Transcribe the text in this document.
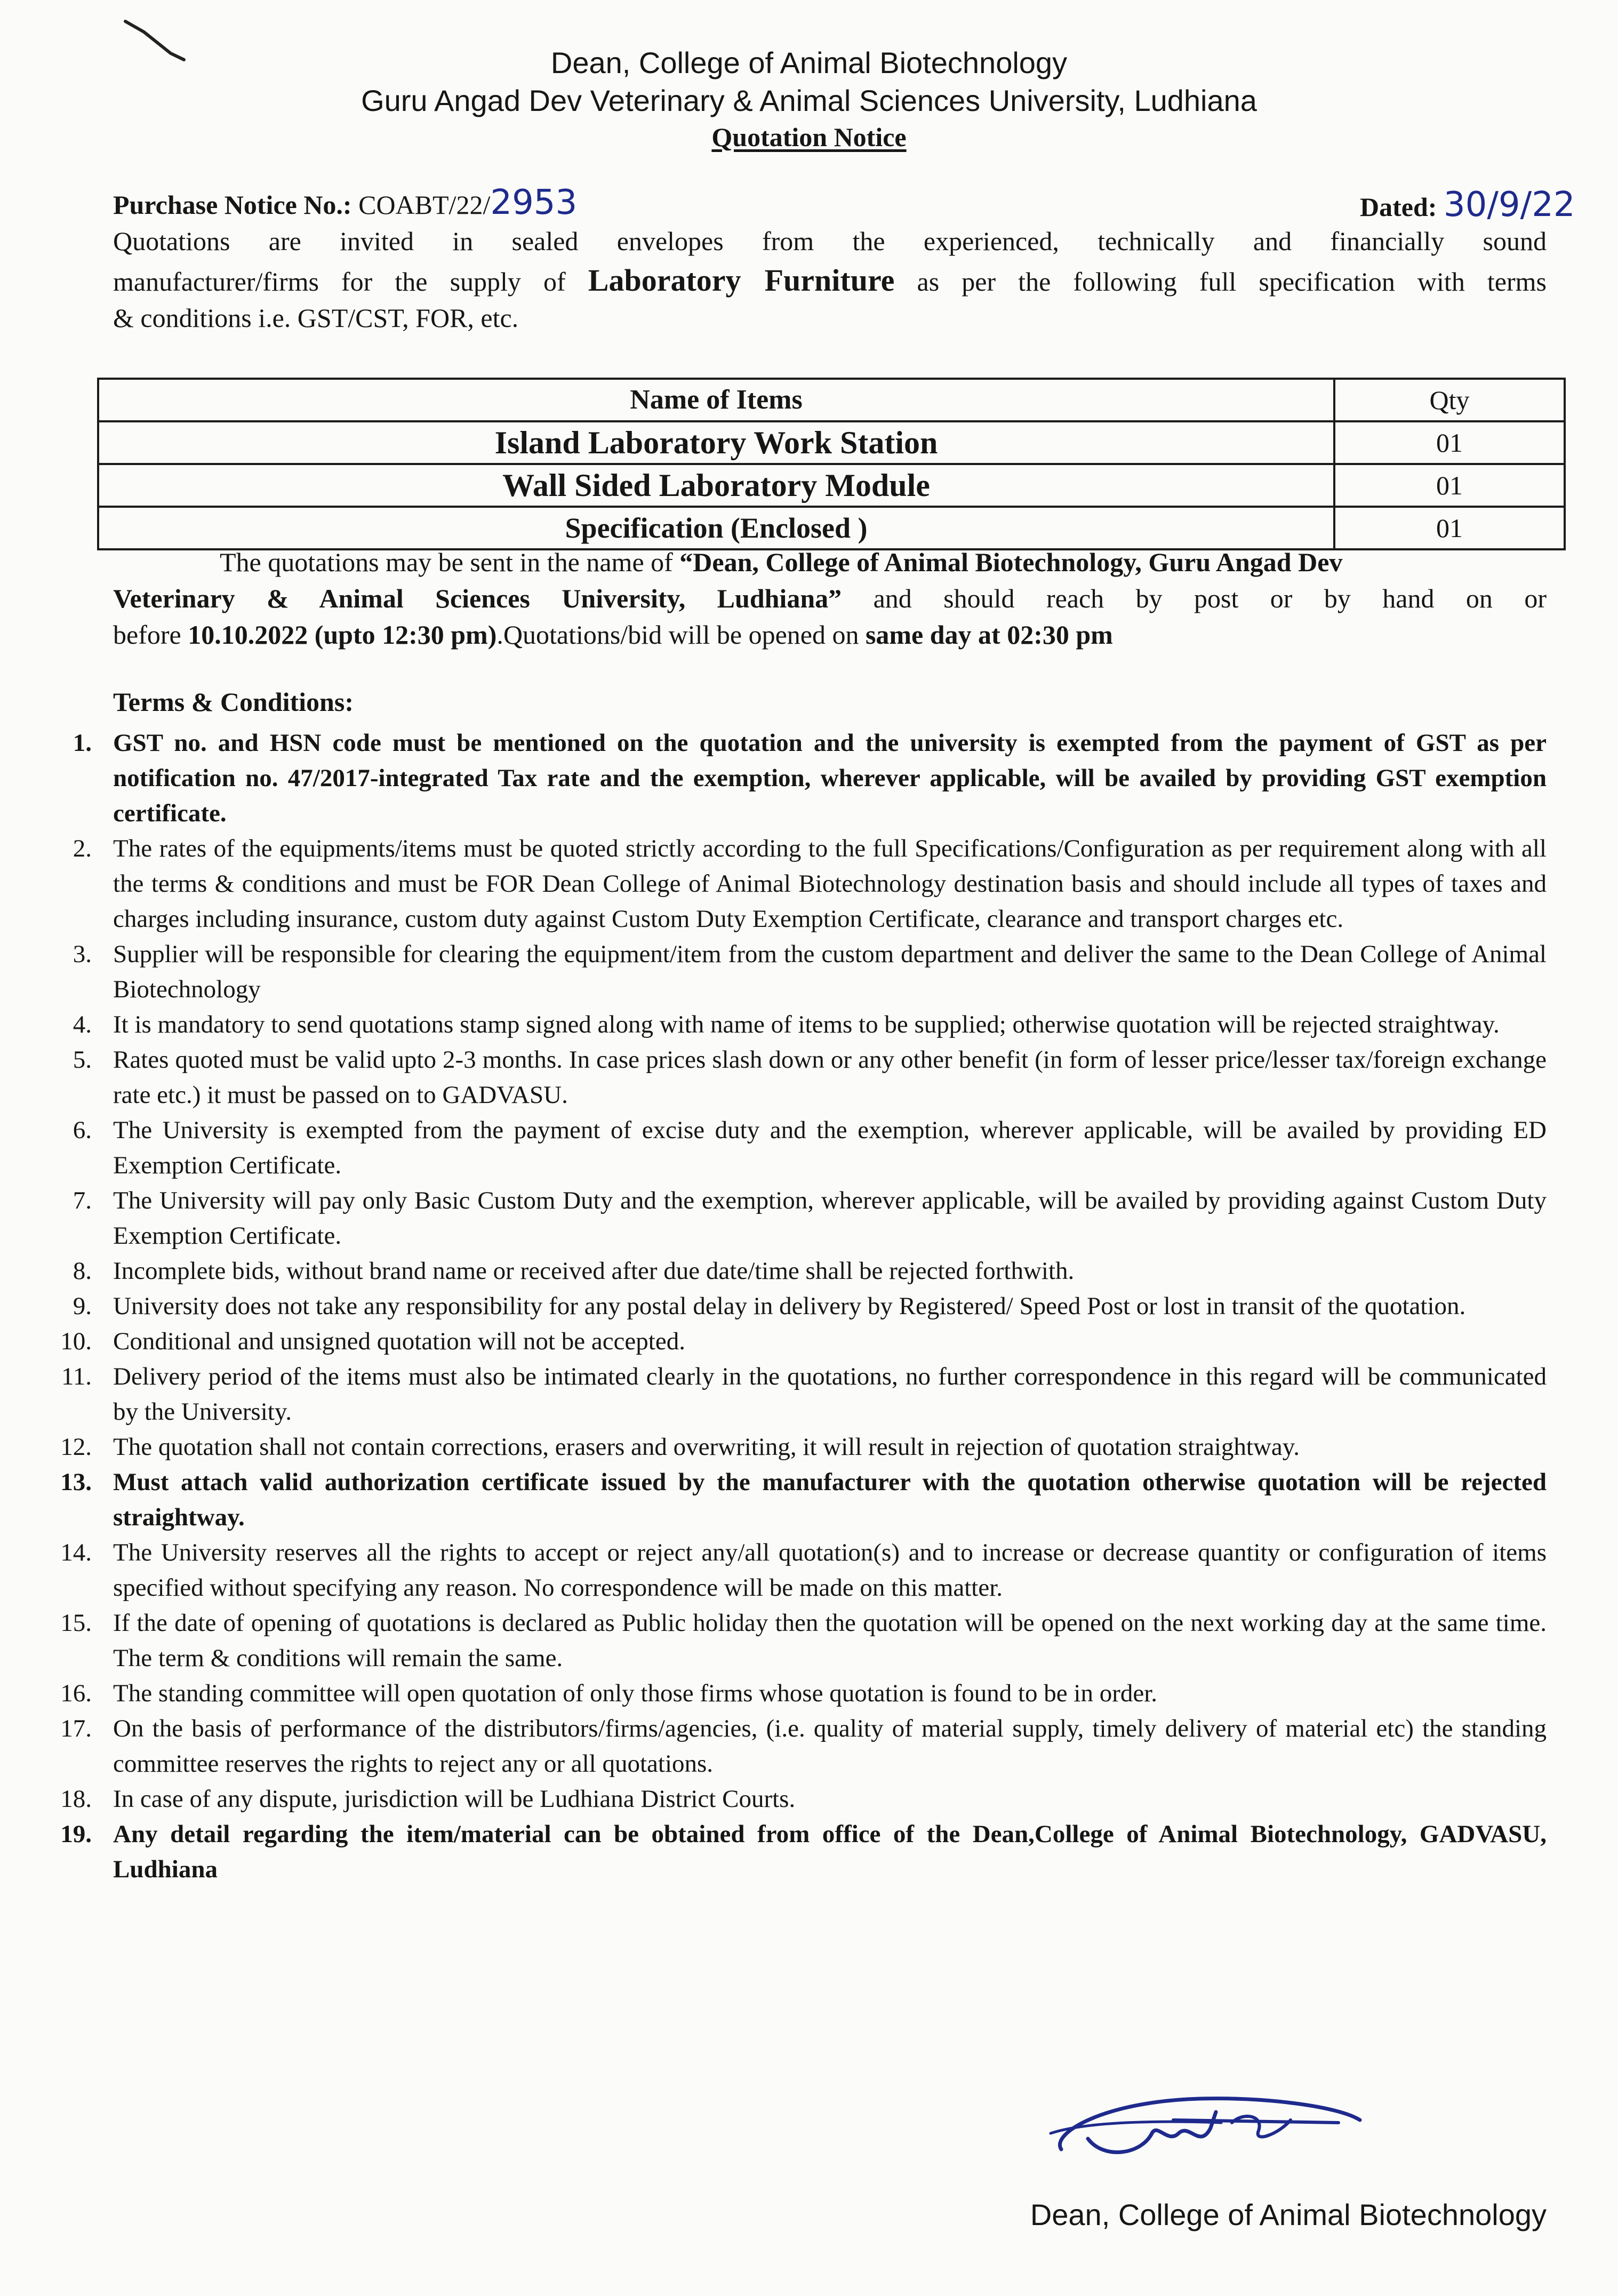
Dean, College of Animal Biotechnology
Guru Angad Dev Veterinary & Animal Sciences University, Ludhiana
Quotation Notice
Purchase Notice No.: COABT/22/2953	Dated: 30/9/22
Quotations are invited in sealed envelopes from the experienced, technically and financially sound
manufacturer/firms for the supply of Laboratory Furniture as per the following full specification with terms
& conditions i.e. GST/CST, FOR, etc.
Name of Items	Qty
Island Laboratory Work Station	01
Wall Sided Laboratory Module	01
Specification (Enclosed )	01
The quotations may be sent in the name of “Dean, College of Animal Biotechnology, Guru Angad Dev
Veterinary & Animal Sciences University, Ludhiana” and should reach by post or by hand on or
before 10.10.2022 (upto 12:30 pm).Quotations/bid will be opened on same day at 02:30 pm
Terms & Conditions:
1. GST no. and HSN code must be mentioned on the quotation and the university is exempted from the payment of GST as per notification no. 47/2017-integrated Tax rate and the exemption, wherever applicable, will be availed by providing GST exemption certificate.
2. The rates of the equipments/items must be quoted strictly according to the full Specifications/Configuration as per requirement along with all the terms & conditions and must be FOR Dean College of Animal Biotechnology destination basis and should include all types of taxes and charges including insurance, custom duty against Custom Duty Exemption Certificate, clearance and transport charges etc.
3. Supplier will be responsible for clearing the equipment/item from the custom department and deliver the same to the Dean College of Animal Biotechnology
4. It is mandatory to send quotations stamp signed along with name of items to be supplied; otherwise quotation will be rejected straightway.
5. Rates quoted must be valid upto 2-3 months. In case prices slash down or any other benefit (in form of lesser price/lesser tax/foreign exchange rate etc.) it must be passed on to GADVASU.
6. The University is exempted from the payment of excise duty and the exemption, wherever applicable, will be availed by providing ED Exemption Certificate.
7. The University will pay only Basic Custom Duty and the exemption, wherever applicable, will be availed by providing against Custom Duty Exemption Certificate.
8. Incomplete bids, without brand name or received after due date/time shall be rejected forthwith.
9. University does not take any responsibility for any postal delay in delivery by Registered/ Speed Post or lost in transit of the quotation.
10. Conditional and unsigned quotation will not be accepted.
11. Delivery period of the items must also be intimated clearly in the quotations, no further correspondence in this regard will be communicated by the University.
12. The quotation shall not contain corrections, erasers and overwriting, it will result in rejection of quotation straightway.
13. Must attach valid authorization certificate issued by the manufacturer with the quotation otherwise quotation will be rejected straightway.
14. The University reserves all the rights to accept or reject any/all quotation(s) and to increase or decrease quantity or configuration of items specified without specifying any reason. No correspondence will be made on this matter.
15. If the date of opening of quotations is declared as Public holiday then the quotation will be opened on the next working day at the same time. The term & conditions will remain the same.
16. The standing committee will open quotation of only those firms whose quotation is found to be in order.
17. On the basis of performance of the distributors/firms/agencies, (i.e. quality of material supply, timely delivery of material etc) the standing committee reserves the rights to reject any or all quotations.
18. In case of any dispute, jurisdiction will be Ludhiana District Courts.
19. Any detail regarding the item/material can be obtained from office of the Dean,College of Animal Biotechnology, GADVASU, Ludhiana
Dean, College of Animal Biotechnology
